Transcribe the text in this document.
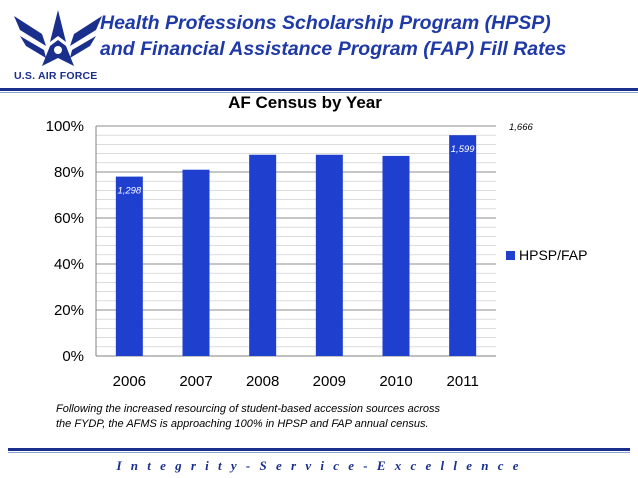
U.S. AIR FORCE
Health Professions Scholarship Program (HPSP)
and Financial Assistance Program (FAP) Fill Rates
AF Census by Year
0%
20%
40%
60%
80%
100%
2006 2007 2008 2009 2010 2011
1,298
1,599
1,666
HPSP/FAP
Following the increased resourcing of student-based accession sources across
the FYDP, the AFMS is approaching 100% in HPSP and FAP annual census.
I n t e g r i t y - S e r v i c e - E x c e l l e n c e
